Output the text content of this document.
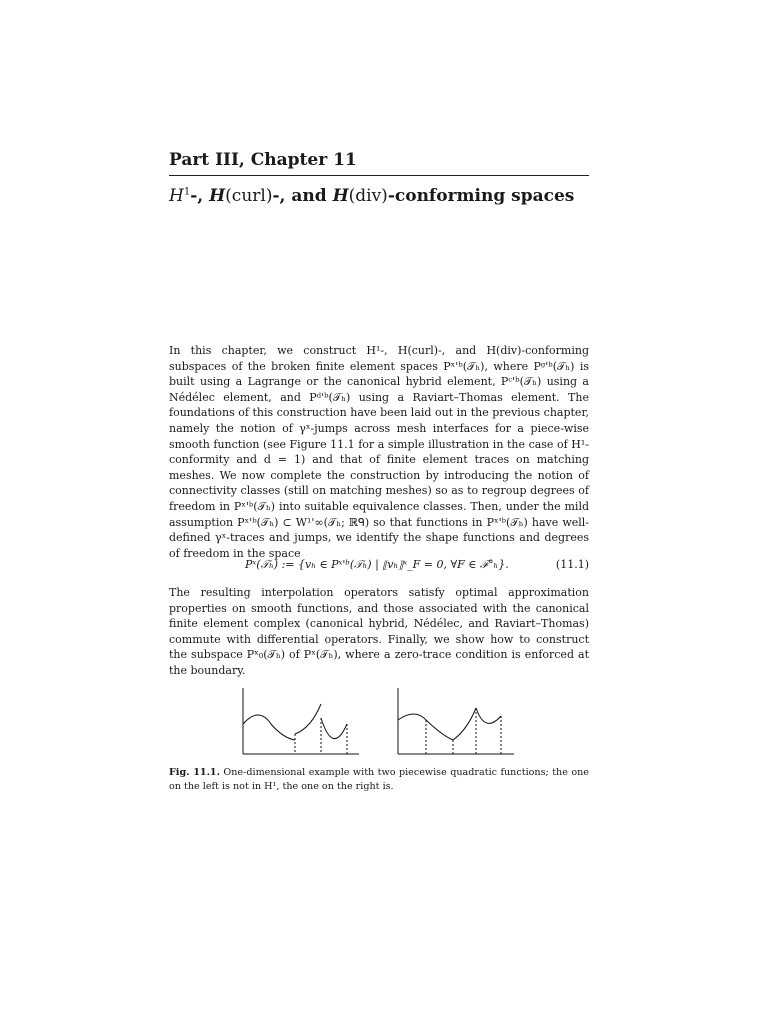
Part III, Chapter 11
$H^1-$, H(curl)-, and H(div)-conforming spaces

In this chapter, we construct H¹-, H(curl)-, and H(div)-conforming subspaces of the broken finite element spaces Pˣ'ᵇ(𝒯ₕ), where Pᵍ'ᵇ(𝒯ₕ) is built using a Lagrange or the canonical hybrid element, Pᶜ'ᵇ(𝒯ₕ) using a Nédélec element, and Pᵈ'ᵇ(𝒯ₕ) using a Raviart–Thomas element. The foundations of this construction have been laid out in the previous chapter, namely the notion of γˣ-jumps across mesh interfaces for a piece-wise smooth function (see Figure 11.1 for a simple illustration in the case of H¹-conformity and d = 1) and that of finite element traces on matching meshes. We now complete the construction by introducing the notion of connectivity classes (still on matching meshes) so as to regroup degrees of freedom in Pˣ'ᵇ(𝒯ₕ) into suitable equivalence classes. Then, under the mild assumption Pˣ'ᵇ(𝒯ₕ) ⊂ W¹'∞(𝒯ₕ; ℝᑫ) so that functions in Pˣ'ᵇ(𝒯ₕ) have well-defined γˣ-traces and jumps, we identify the shape functions and degrees of freedom in the space

Pˣ(𝒯ₕ) := {vₕ ∈ Pˣ'ᵇ(𝒯ₕ) | ⟦vₕ⟧ˣ_F = 0, ∀F ∈ ℱ°ₕ}.	(11.1)

The resulting interpolation operators satisfy optimal approximation properties on smooth functions, and those associated with the canonical finite element complex (canonical hybrid, Nédélec, and Raviart–Thomas) commute with differential operators. Finally, we show how to construct the subspace Pˣ₀(𝒯ₕ) of Pˣ(𝒯ₕ), where a zero-trace condition is enforced at the boundary.

Fig. 11.1. One-dimensional example with two piecewise quadratic functions; the one on the left is not in H¹, the one on the right is.
